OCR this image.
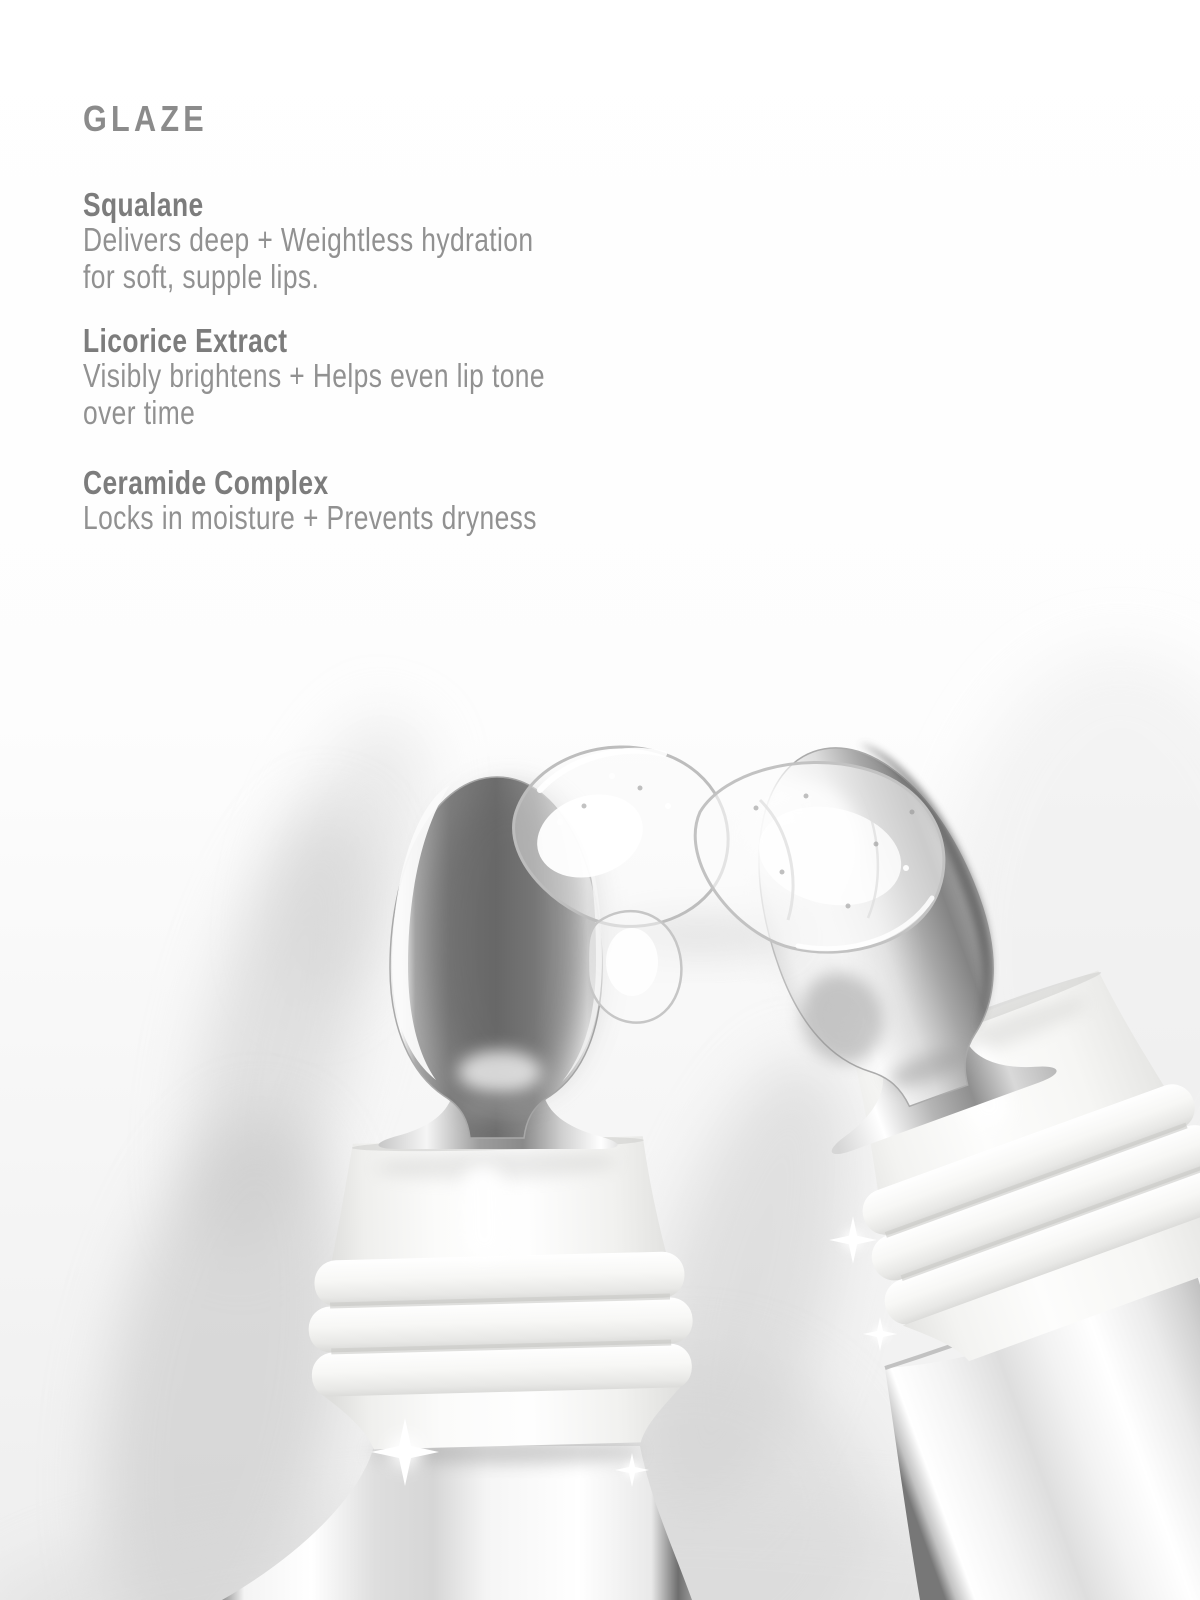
GLAZE
Squalane
Delivers deep + Weightless hydration
for soft, supple lips.
Licorice Extract
Visibly brightens + Helps even lip tone
over time
Ceramide Complex
Locks in moisture + Prevents dryness
